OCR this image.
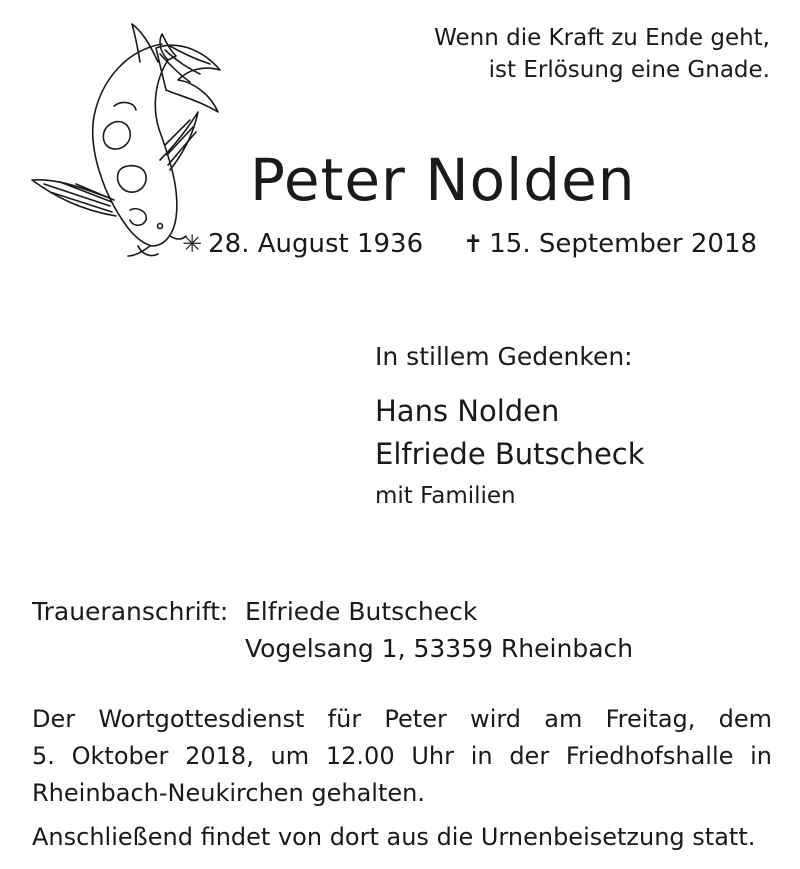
Wenn die Kraft zu Ende geht,
ist Erlösung eine Gnade.
Peter Nolden
✳ 28. August 1936 ✝ 15. September 2018
In stillem Gedenken:
Hans Nolden
Elfriede Butscheck
mit Familien
Traueranschrift: Elfriede Butscheck
Vogelsang 1, 53359 Rheinbach
Der Wortgottesdienst für Peter wird am Freitag, dem
5. Oktober 2018, um 12.00 Uhr in der Friedhofshalle in
Rheinbach-Neukirchen gehalten.
Anschließend findet von dort aus die Urnenbeisetzung statt.
